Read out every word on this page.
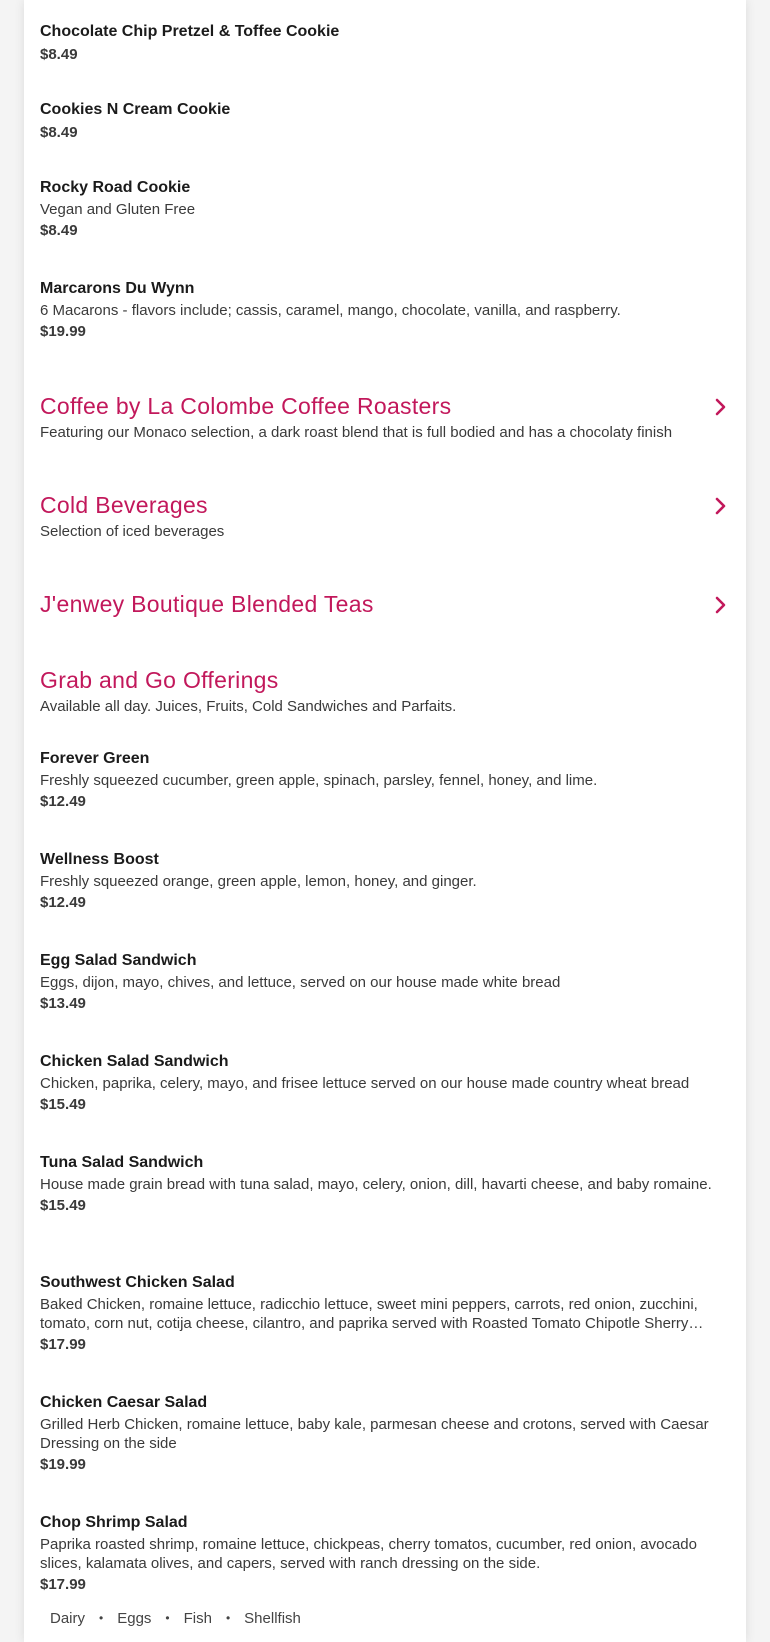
Chocolate Chip Pretzel & Toffee Cookie
$8.49
Cookies N Cream Cookie
$8.49
Rocky Road Cookie
Vegan and Gluten Free
$8.49
Marcarons Du Wynn
6 Macarons - flavors include; cassis, caramel, mango, chocolate, vanilla, and raspberry.
$19.99
Coffee by La Colombe Coffee Roasters
Featuring our Monaco selection, a dark roast blend that is full bodied and has a chocolaty finish
Cold Beverages
Selection of iced beverages
J'enwey Boutique Blended Teas
Grab and Go Offerings
Available all day. Juices, Fruits, Cold Sandwiches and Parfaits.
Forever Green
Freshly squeezed cucumber, green apple, spinach, parsley, fennel, honey, and lime.
$12.49
Wellness Boost
Freshly squeezed orange, green apple, lemon, honey, and ginger.
$12.49
Egg Salad Sandwich
Eggs, dijon, mayo, chives, and lettuce, served on our house made white bread
$13.49
Chicken Salad Sandwich
Chicken, paprika, celery, mayo, and frisee lettuce served on our house made country wheat bread
$15.49
Tuna Salad Sandwich
House made grain bread with tuna salad, mayo, celery, onion, dill, havarti cheese, and baby romaine.
$15.49
Southwest Chicken Salad
Baked Chicken, romaine lettuce, radicchio lettuce, sweet mini peppers, carrots, red onion, zucchini, tomato, corn nut, cotija cheese, cilantro, and paprika served with Roasted Tomato Chipotle Sherry
$17.99
Chicken Caesar Salad
Grilled Herb Chicken, romaine lettuce, baby kale, parmesan cheese and crotons, served with Caesar Dressing on the side
$19.99
Chop Shrimp Salad
Paprika roasted shrimp, romaine lettuce, chickpeas, cherry tomatos, cucumber, red onion, avocado slices, kalamata olives, and capers, served with ranch dressing on the side.
$17.99
Dairy • Eggs • Fish • Shellfish
